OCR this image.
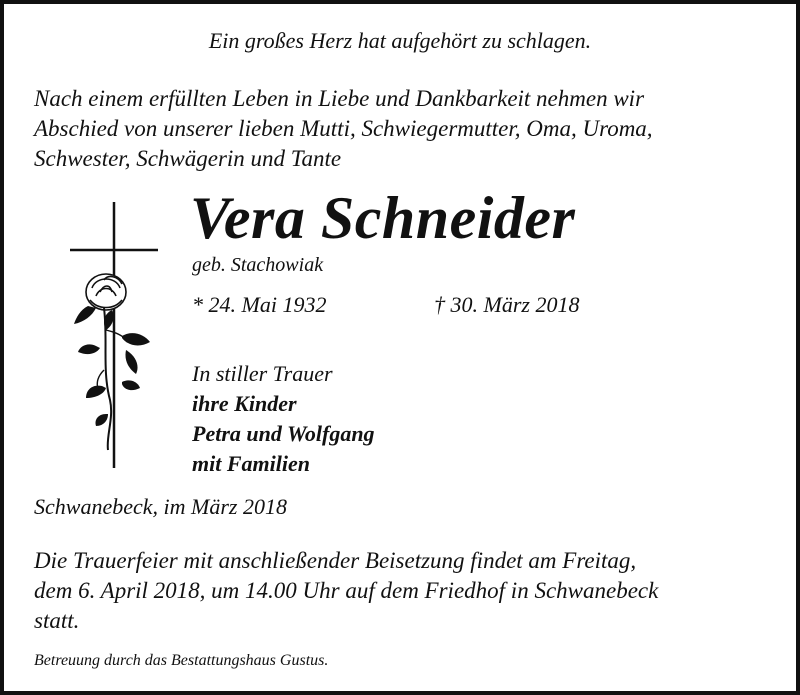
Ein großes Herz hat aufgehört zu schlagen.
Nach einem erfüllten Leben in Liebe und Dankbarkeit nehmen wir
Abschied von unserer lieben Mutti, Schwiegermutter, Oma, Uroma,
Schwester, Schwägerin und Tante
Vera Schneider
geb. Stachowiak
* 24. Mai 1932	† 30. März 2018
In stiller Trauer
ihre Kinder
Petra und Wolfgang
mit Familien
Schwanebeck, im März 2018
Die Trauerfeier mit anschließender Beisetzung findet am Freitag,
dem 6. April 2018, um 14.00 Uhr auf dem Friedhof in Schwanebeck
statt.
Betreuung durch das Bestattungshaus Gustus.
